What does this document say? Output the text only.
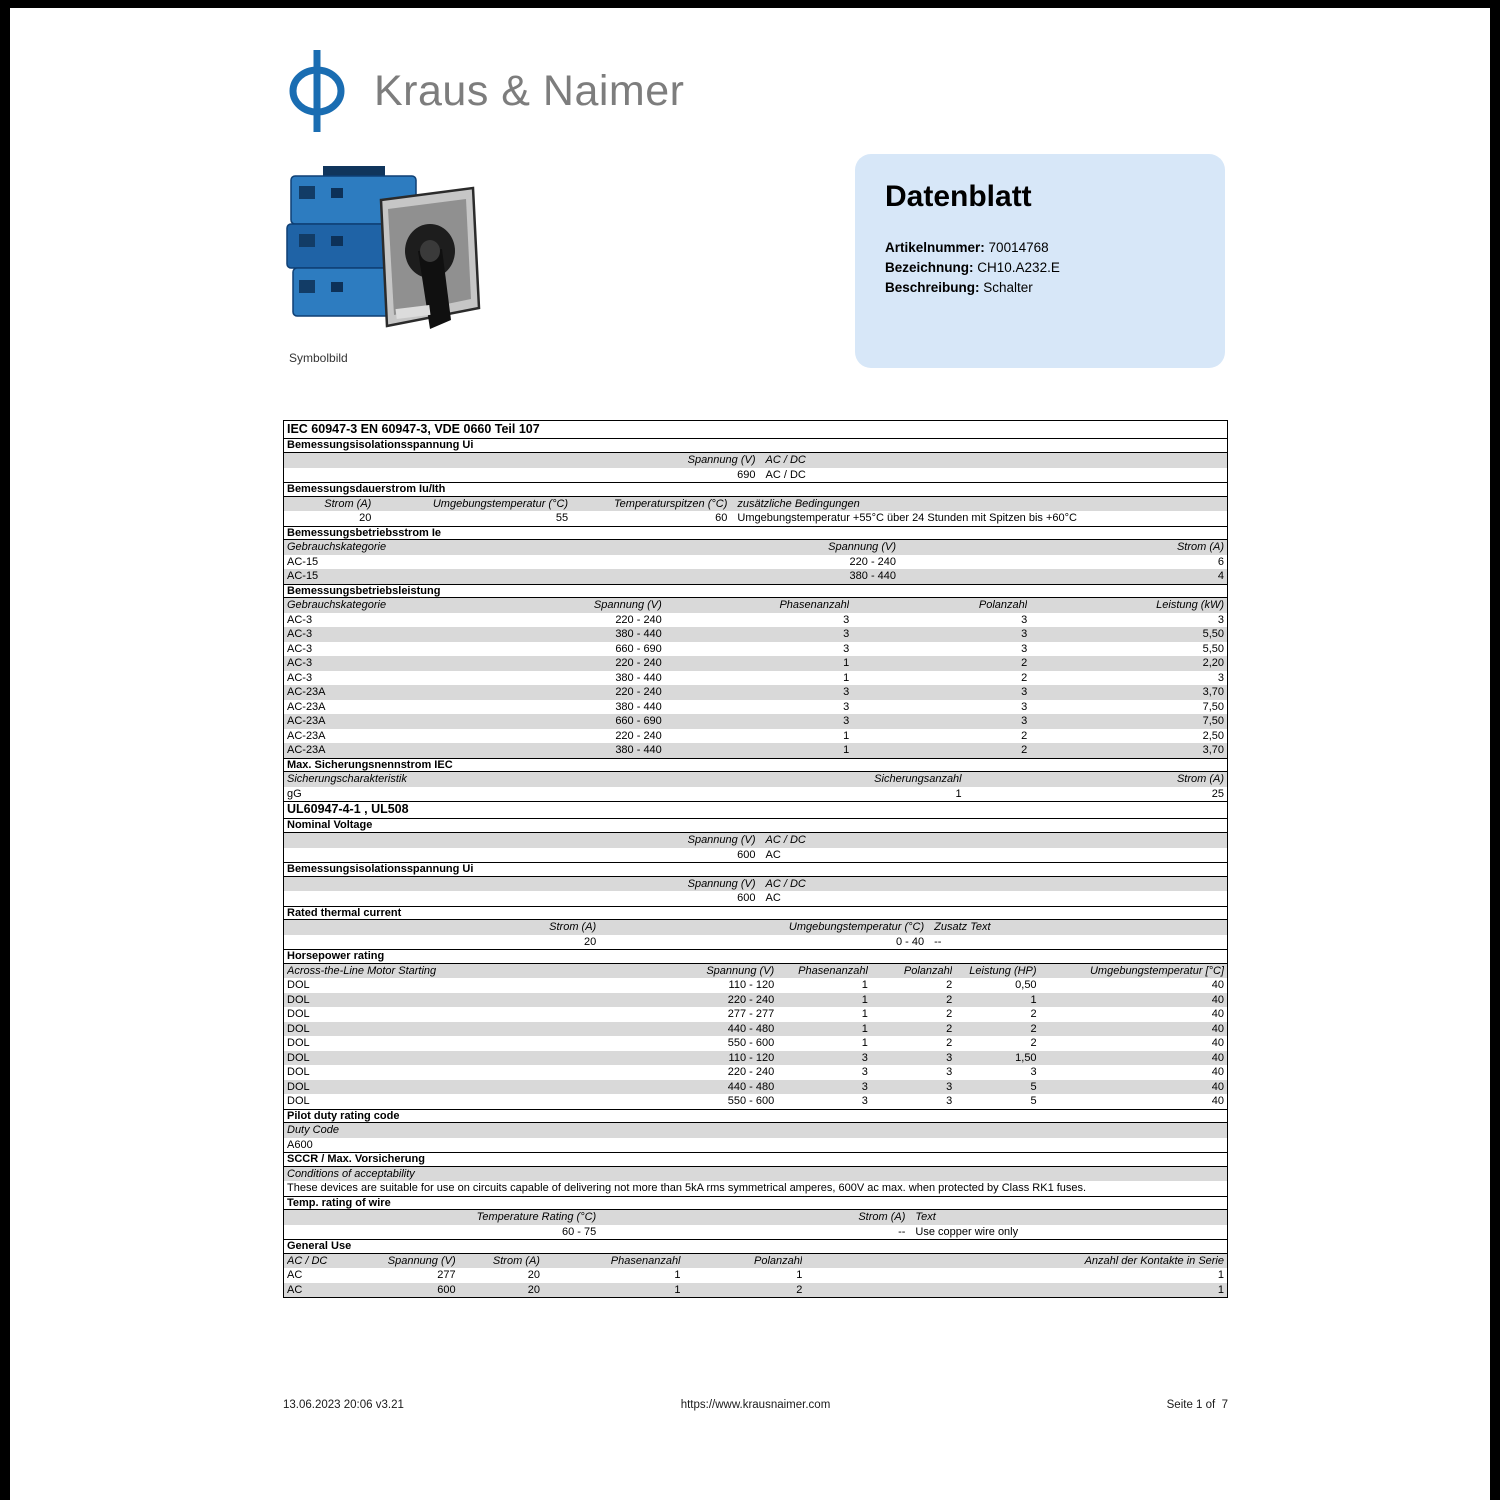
Kraus & Naimer
Symbolbild
Datenblatt
Artikelnummer: 70014768
Bezeichnung: CH10.A232.E
Beschreibung: Schalter
IEC 60947-3 EN 60947-3, VDE 0660 Teil 107
Bemessungsisolationsspannung Ui
Spannung (V) AC / DC
690 AC / DC
Bemessungsdauerstrom Iu/Ith
Strom (A)	Umgebungstemperatur (°C)	Temperaturspitzen (°C) zusätzliche Bedingungen
20	55	60 Umgebungstemperatur +55°C über 24 Stunden mit Spitzen bis +60°C
Bemessungsbetriebsstrom Ie
Gebrauchskategorie	Spannung (V)	Strom (A)
AC-15	220 - 240	6
AC-15	380 - 440	4
Bemessungsbetriebsleistung
Gebrauchskategorie	Spannung (V)	Phasenanzahl	Polanzahl	Leistung (kW)
AC-3	220 - 240	3	3	3
AC-3	380 - 440	3	3	5,50
AC-3	660 - 690	3	3	5,50
AC-3	220 - 240	1	2	2,20
AC-3	380 - 440	1	2	3
AC-23A	220 - 240	3	3	3,70
AC-23A	380 - 440	3	3	7,50
AC-23A	660 - 690	3	3	7,50
AC-23A	220 - 240	1	2	2,50
AC-23A	380 - 440	1	2	3,70
Max. Sicherungsnennstrom IEC
Sicherungscharakteristik	Sicherungsanzahl	Strom (A)
gG	1	25
UL60947-4-1 , UL508
Nominal Voltage
Spannung (V) AC / DC
600 AC
Bemessungsisolationsspannung Ui
Spannung (V) AC / DC
600 AC
Rated thermal current
Strom (A)	Umgebungstemperatur (°C) Zusatz Text
20	0 - 40 --
Horsepower rating
Across-the-Line Motor Starting	Spannung (V)	Phasenanzahl	Polanzahl	Leistung (HP)	Umgebungstemperatur [°C]
DOL	110 - 120	1	2	0,50	40
DOL	220 - 240	1	2	1	40
DOL	277 - 277	1	2	2	40
DOL	440 - 480	1	2	2	40
DOL	550 - 600	1	2	2	40
DOL	110 - 120	3	3	1,50	40
DOL	220 - 240	3	3	3	40
DOL	440 - 480	3	3	5	40
DOL	550 - 600	3	3	5	40
Pilot duty rating code
Duty Code
A600
SCCR / Max. Vorsicherung
Conditions of acceptability
These devices are suitable for use on circuits capable of delivering not more than 5kA rms symmetrical amperes, 600V ac max. when protected by Class RK1 fuses.
Temp. rating of wire
Temperature Rating (°C)	Strom (A) Text
60 - 75	-- Use copper wire only
General Use
AC / DC	Spannung (V)	Strom (A)	Phasenanzahl	Polanzahl	Anzahl der Kontakte in Serie
AC	277	20	1	1	1
AC	600	20	1	2	1
13.06.2023 20:06 v3.21	https://www.krausnaimer.com	Seite 1 of  7
